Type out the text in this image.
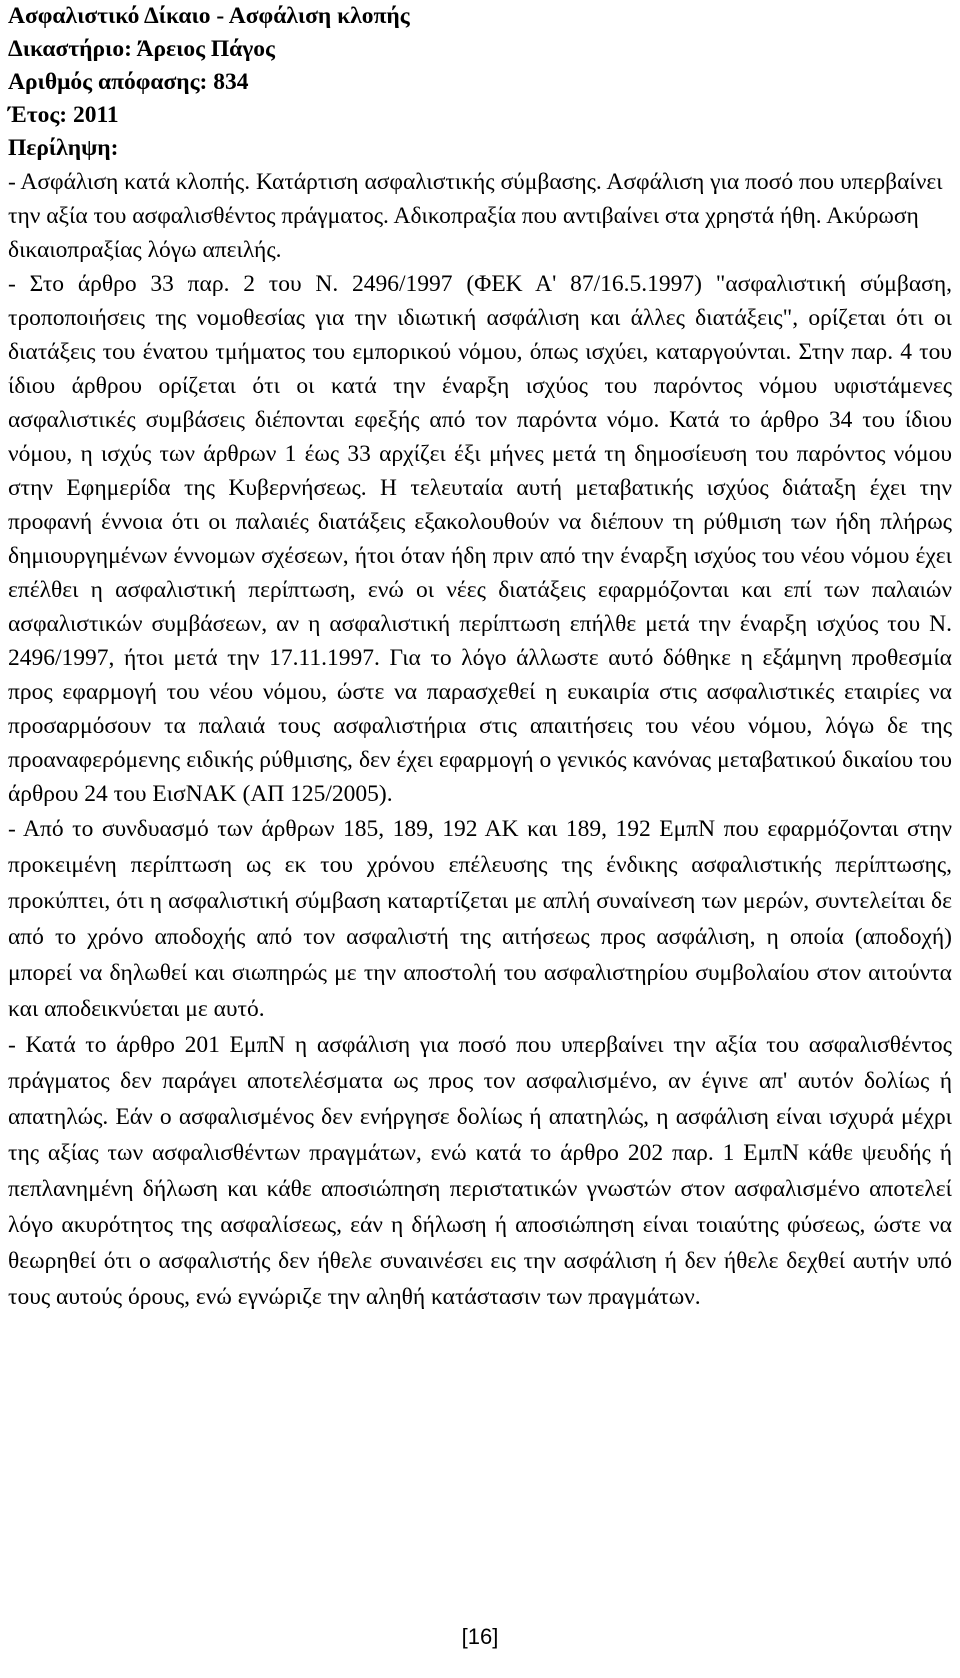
Ασφαλιστικό Δίκαιο - Ασφάλιση κλοπής
Δικαστήριο: Άρειος Πάγος
Αριθμός απόφασης: 834
Έτος: 2011
Περίληψη:

- Ασφάλιση κατά κλοπής. Κατάρτιση ασφαλιστικής σύμβασης. Ασφάλιση για ποσό που υπερβαίνει την αξία του ασφαλισθέντος πράγματος. Αδικοπραξία που αντιβαίνει στα χρηστά ήθη. Ακύρωση δικαιοπραξίας λόγω απειλής.

- Στο άρθρο 33 παρ. 2 του Ν. 2496/1997 (ΦΕΚ Α' 87/16.5.1997) "ασφαλιστική σύμβαση, τροποποιήσεις της νομοθεσίας για την ιδιωτική ασφάλιση και άλλες διατάξεις", ορίζεται ότι οι διατάξεις του ένατου τμήματος του εμπορικού νόμου, όπως ισχύει, καταργούνται. Στην παρ. 4 του ίδιου άρθρου ορίζεται ότι οι κατά την έναρξη ισχύος του παρόντος νόμου υφιστάμενες ασφαλιστικές συμβάσεις διέπονται εφεξής από τον παρόντα νόμο. Κατά το άρθρο 34 του ίδιου νόμου, η ισχύς των άρθρων 1 έως 33 αρχίζει έξι μήνες μετά τη δημοσίευση του παρόντος νόμου στην Εφημερίδα της Κυβερνήσεως. Η τελευταία αυτή μεταβατικής ισχύος διάταξη έχει την προφανή έννοια ότι οι παλαιές διατάξεις εξακολουθούν να διέπουν τη ρύθμιση των ήδη πλήρως δημιουργημένων έννομων σχέσεων, ήτοι όταν ήδη πριν από την έναρξη ισχύος του νέου νόμου έχει επέλθει η ασφαλιστική περίπτωση, ενώ οι νέες διατάξεις εφαρμόζονται και επί των παλαιών ασφαλιστικών συμβάσεων, αν η ασφαλιστική περίπτωση επήλθε μετά την έναρξη ισχύος του Ν. 2496/1997, ήτοι μετά την 17.11.1997. Για το λόγο άλλωστε αυτό δόθηκε η εξάμηνη προθεσμία προς εφαρμογή του νέου νόμου, ώστε να παρασχεθεί η ευκαιρία στις ασφαλιστικές εταιρίες να προσαρμόσουν τα παλαιά τους ασφαλιστήρια στις απαιτήσεις του νέου νόμου, λόγω δε της προαναφερόμενης ειδικής ρύθμισης, δεν έχει εφαρμογή ο γενικός κανόνας μεταβατικού δικαίου του άρθρου 24 του ΕισΝΑΚ (ΑΠ 125/2005).

- Από το συνδυασμό των άρθρων 185, 189, 192 ΑΚ και 189, 192 ΕμπΝ που εφαρμόζονται στην προκειμένη περίπτωση ως εκ του χρόνου επέλευσης της ένδικης ασφαλιστικής περίπτωσης, προκύπτει, ότι η ασφαλιστική σύμβαση καταρτίζεται με απλή συναίνεση των μερών, συντελείται δε από το χρόνο αποδοχής από τον ασφαλιστή της αιτήσεως προς ασφάλιση, η οποία (αποδοχή) μπορεί να δηλωθεί και σιωπηρώς με την αποστολή του ασφαλιστηρίου συμβολαίου στον αιτούντα και αποδεικνύεται με αυτό.

- Κατά το άρθρο 201 ΕμπΝ η ασφάλιση για ποσό που υπερβαίνει την αξία του ασφαλισθέντος πράγματος δεν παράγει αποτελέσματα ως προς τον ασφαλισμένο, αν έγινε απ' αυτόν δολίως ή απατηλώς. Εάν ο ασφαλισμένος δεν ενήργησε δολίως ή απατηλώς, η ασφάλιση είναι ισχυρά μέχρι της αξίας των ασφαλισθέντων πραγμάτων, ενώ κατά το άρθρο 202 παρ. 1 ΕμπΝ κάθε ψευδής ή πεπλανημένη δήλωση και κάθε αποσιώπηση περιστατικών γνωστών στον ασφαλισμένο αποτελεί λόγο ακυρότητος της ασφαλίσεως, εάν η δήλωση ή αποσιώπηση είναι τοιαύτης φύσεως, ώστε να θεωρηθεί ότι ο ασφαλιστής δεν ήθελε συναινέσει εις την ασφάλιση ή δεν ήθελε δεχθεί αυτήν υπό τους αυτούς όρους, ενώ εγνώριζε την αληθή κατάστασιν των πραγμάτων.

[16]
